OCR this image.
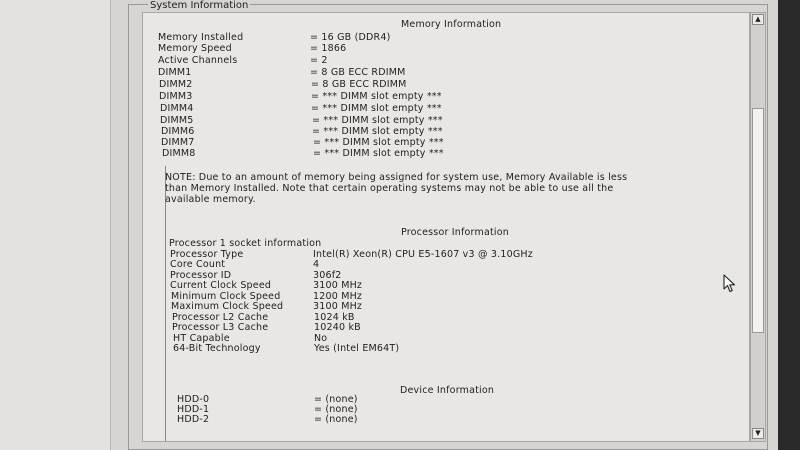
System Information
Memory Information
Memory Installed	= 16 GB (DDR4)
Memory Speed	= 1866
Active Channels	= 2
DIMM1	= 8 GB ECC RDIMM
DIMM2	= 8 GB ECC RDIMM
DIMM3	= *** DIMM slot empty ***
DIMM4	= *** DIMM slot empty ***
DIMM5	= *** DIMM slot empty ***
DIMM6	= *** DIMM slot empty ***
DIMM7	= *** DIMM slot empty ***
DIMM8	= *** DIMM slot empty ***
NOTE: Due to an amount of memory being assigned for system use, Memory Available is less
than Memory Installed. Note that certain operating systems may not be able to use all the
available memory.
Processor Information
Processor 1 socket information
Processor Type	Intel(R) Xeon(R) CPU E5-1607 v3 @ 3.10GHz
Core Count	4
Processor ID	306f2
Current Clock Speed	3100 MHz
Minimum Clock Speed	1200 MHz
Maximum Clock Speed	3100 MHz
Processor L2 Cache	1024 kB
Processor L3 Cache	10240 kB
HT Capable	No
64-Bit Technology	Yes (Intel EM64T)
Device Information
HDD-0	= (none)
HDD-1	= (none)
HDD-2	= (none)
▲
▼
